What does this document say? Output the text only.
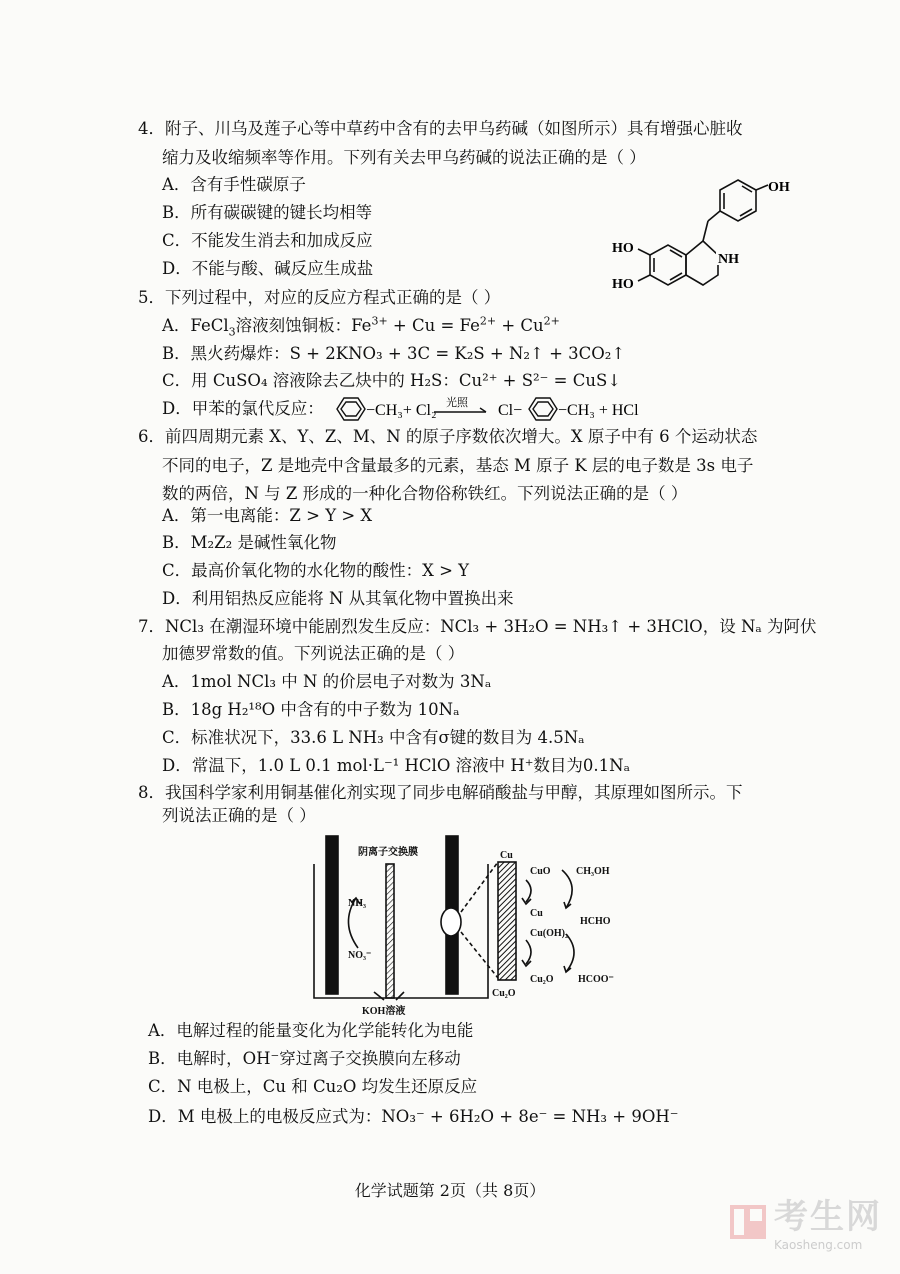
4．附子、川乌及莲子心等中草药中含有的去甲乌药碱（如图所示）具有增强心脏收
缩力及收缩频率等作用。下列有关去甲乌药碱的说法正确的是（ ）
A．含有手性碳原子
B．所有碳碳键的键长均相等
C．不能发生消去和加成反应
D．不能与酸、碱反应生成盐
OH
HO
HO
NH
5．下列过程中，对应的反应方程式正确的是（ ）
A．FeCl$_3$溶液刻蚀铜板：$Fe^{3+} + Cu = Fe^{2+} + Cu^{2+}$
B．黑火药爆炸：S + 2KNO₃ + 3C = K₂S + N₂↑ + 3CO₂↑
C．用 CuSO₄ 溶液除去乙炔中的 H₂S：Cu²⁺ + S²⁻ = CuS↓
D．甲苯的氯代反应：	−CH₃+ Cl₂ 光照 Cl− −CH₃ + HCl
6．前四周期元素 X、Y、Z、M、N 的原子序数依次增大。X 原子中有 6 个运动状态
不同的电子，Z 是地壳中含量最多的元素，基态 M 原子 K 层的电子数是 3s 电子
数的两倍，N 与 Z 形成的一种化合物俗称铁红。下列说法正确的是（ ）
A．第一电离能：Z > Y > X
B．M₂Z₂ 是碱性氧化物
C．最高价氧化物的水化物的酸性：X > Y
D．利用铝热反应能将 N 从其氧化物中置换出来
7．NCl₃ 在潮湿环境中能剧烈发生反应：NCl₃ + 3H₂O = NH₃↑ + 3HClO，设 Nₐ 为阿伏
加德罗常数的值。下列说法正确的是（ ）
A．1mol NCl₃ 中 N 的价层电子对数为 3Nₐ
B．18g H₂¹⁸O 中含有的中子数为 10Nₐ
C．标准状况下，33.6 L NH₃ 中含有σ键的数目为 4.5Nₐ
D．常温下，1.0 L 0.1 mol·L⁻¹ HClO 溶液中 H⁺数目为0.1Nₐ
8．我国科学家利用铜基催化剂实现了同步电解硝酸盐与甲醇，其原理如图所示。下
列说法正确的是（ ）
阴离子交换膜
NH₃
NO₃⁻
KOH溶液
Cu
CuO	CH₃OH
Cu
HCHO
Cu(OH)₂
Cu₂O HCOO⁻
Cu₂O
A．电解过程的能量变化为化学能转化为电能
B．电解时，OH⁻穿过离子交换膜向左移动
C．N 电极上，Cu 和 Cu₂O 均发生还原反应
D．M 电极上的电极反应式为：NO₃⁻ + 6H₂O + 8e⁻ = NH₃ + 9OH⁻
化学试题第 2页（共 8页）
考生网
Kaosheng.com
